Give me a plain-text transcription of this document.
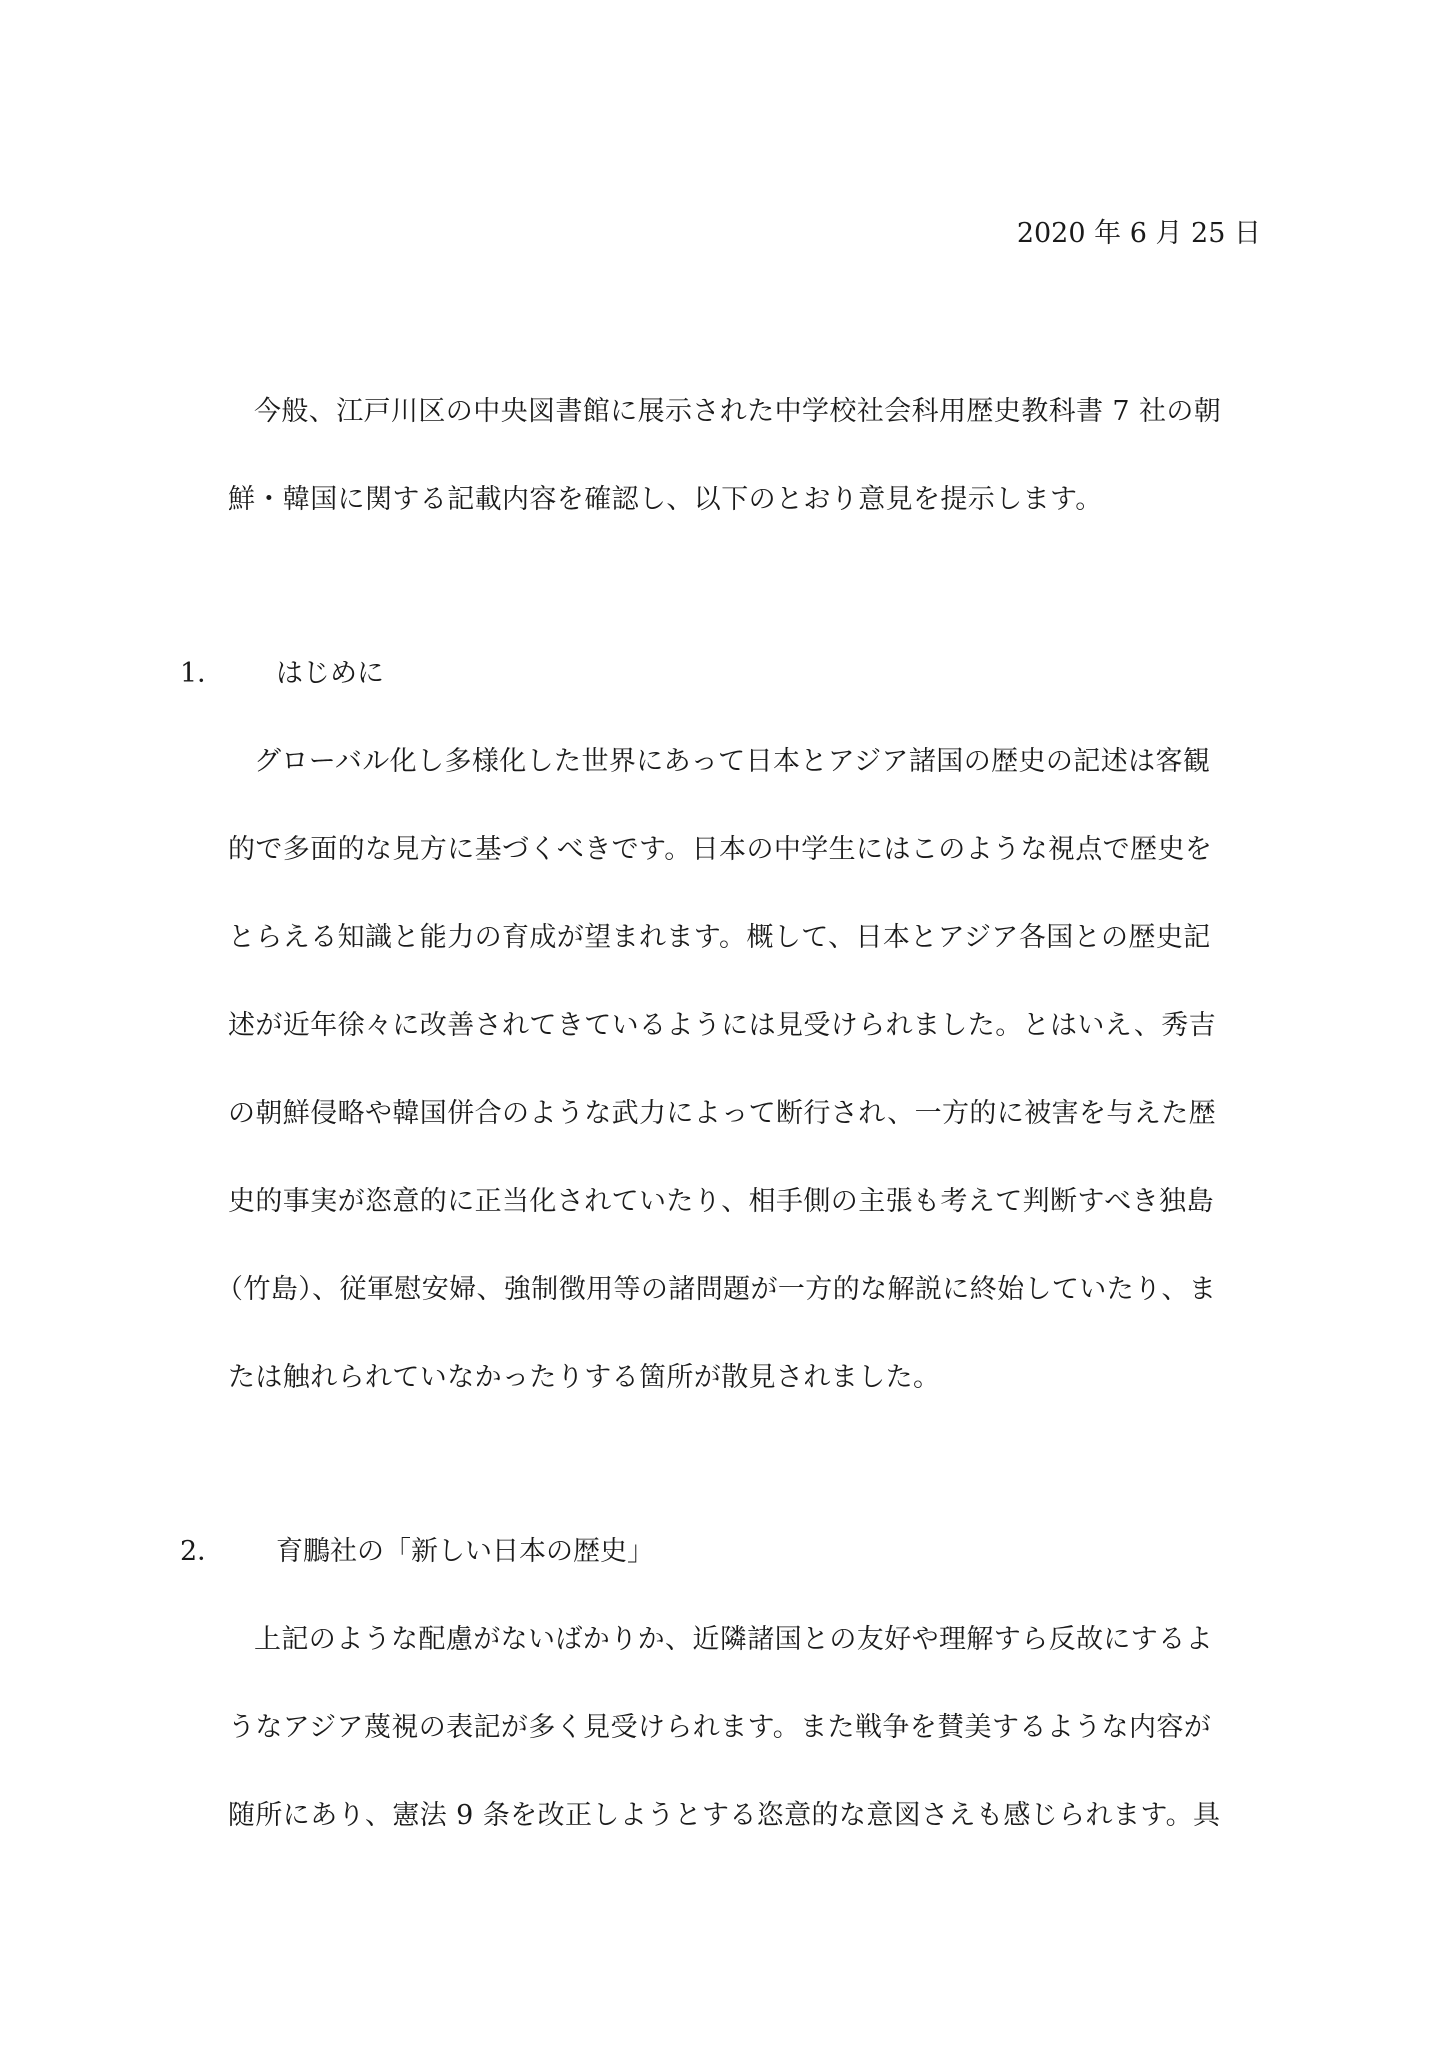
2020 年 6 月 25 日
今般、江戸川区の中央図書館に展示された中学校社会科用歴史教科書 7 社の朝
鮮・韓国に関する記載内容を確認し、以下のとおり意見を提示します。
1． はじめに
グローバル化し多様化した世界にあって日本とアジア諸国の歴史の記述は客観
的で多面的な見方に基づくべきです。日本の中学生にはこのような視点で歴史を
とらえる知識と能力の育成が望まれます。概して、日本とアジア各国との歴史記
述が近年徐々に改善されてきているようには見受けられました。とはいえ、秀吉
の朝鮮侵略や韓国併合のような武力によって断行され、一方的に被害を与えた歴
史的事実が恣意的に正当化されていたり、相手側の主張も考えて判断すべき独島
（竹島）、従軍慰安婦、強制徴用等の諸問題が一方的な解説に終始していたり、ま
たは触れられていなかったりする箇所が散見されました。
2． 育鵬社の「新しい日本の歴史」
上記のような配慮がないばかりか、近隣諸国との友好や理解すら反故にするよ
うなアジア蔑視の表記が多く見受けられます。また戦争を賛美するような内容が
随所にあり、憲法 9 条を改正しようとする恣意的な意図さえも感じられます。具
